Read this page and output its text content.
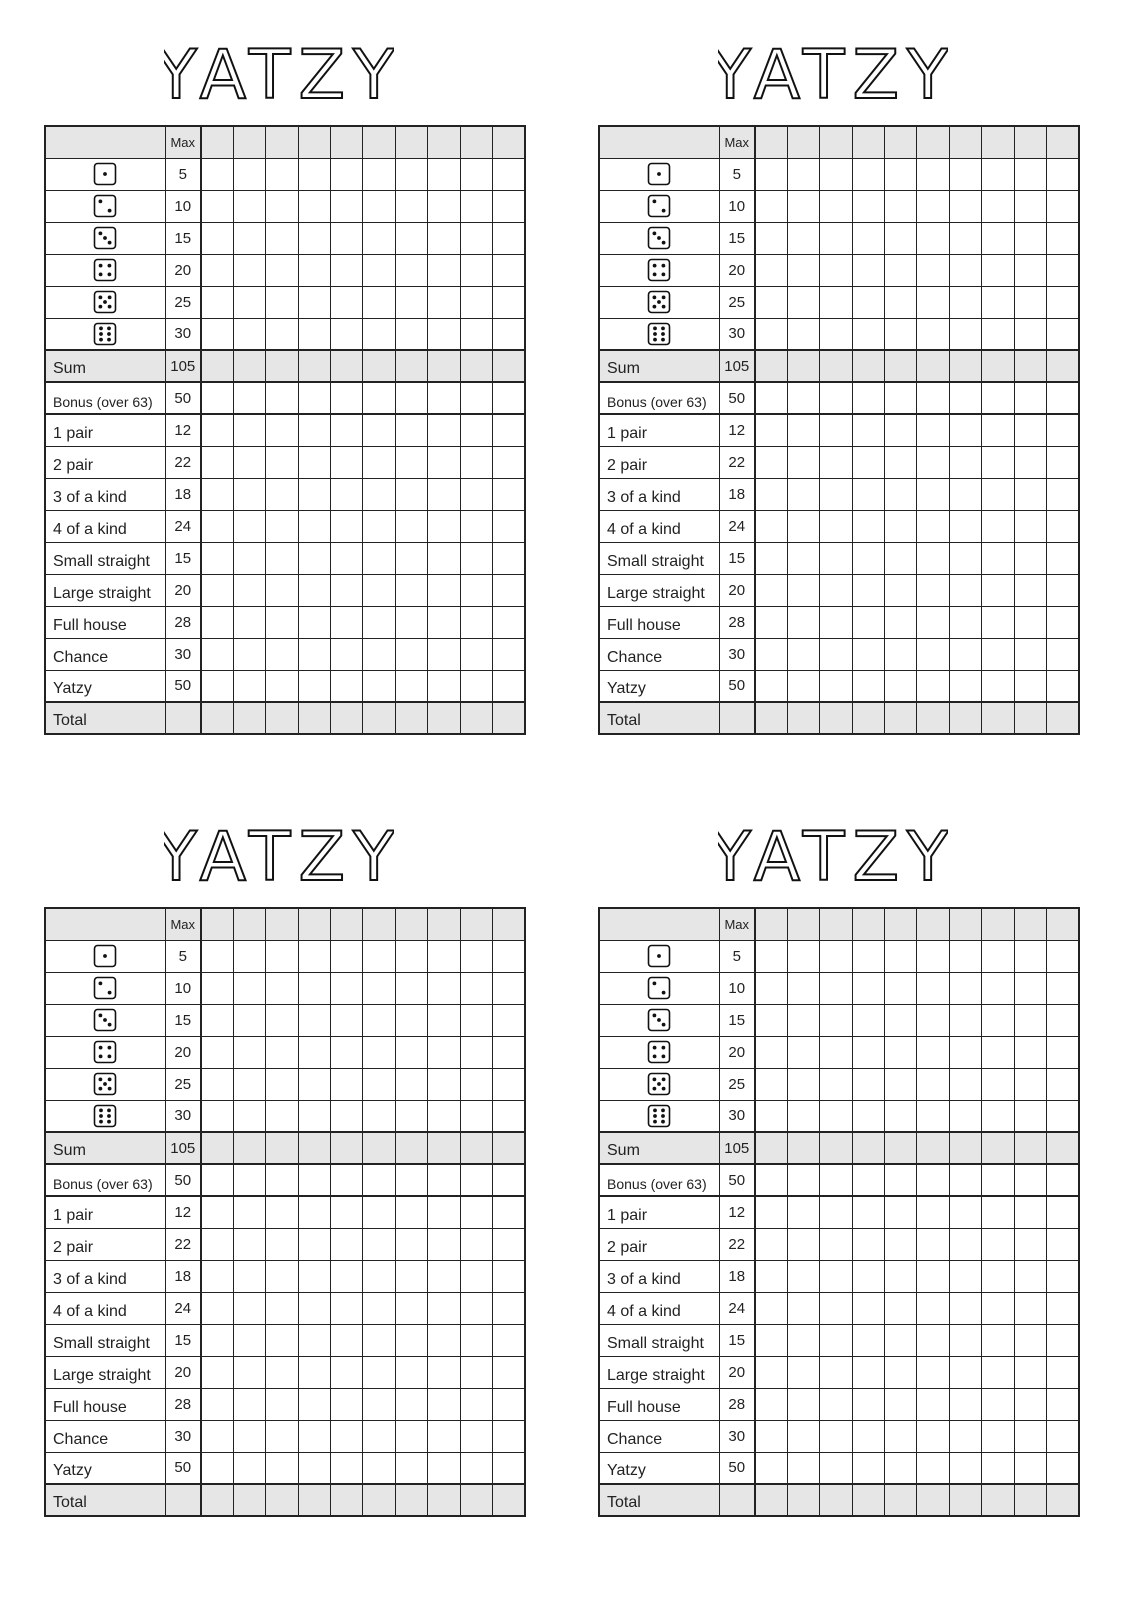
YATZY
	Max										
	5										
	10										
	15										
	20										
	25										
	30										
Sum	105										
Bonus (over 63)	50										
1 pair	12										
2 pair	22										
3 of a kind	18										
4 of a kind	24										
Small straight	15										
Large straight	20										
Full house	28										
Chance	30										
Yatzy	50										
Total											
YATZY
	Max										
	5										
	10										
	15										
	20										
	25										
	30										
Sum	105										
Bonus (over 63)	50										
1 pair	12										
2 pair	22										
3 of a kind	18										
4 of a kind	24										
Small straight	15										
Large straight	20										
Full house	28										
Chance	30										
Yatzy	50										
Total											
YATZY
	Max										
	5										
	10										
	15										
	20										
	25										
	30										
Sum	105										
Bonus (over 63)	50										
1 pair	12										
2 pair	22										
3 of a kind	18										
4 of a kind	24										
Small straight	15										
Large straight	20										
Full house	28										
Chance	30										
Yatzy	50										
Total											
YATZY
	Max										
	5										
	10										
	15										
	20										
	25										
	30										
Sum	105										
Bonus (over 63)	50										
1 pair	12										
2 pair	22										
3 of a kind	18										
4 of a kind	24										
Small straight	15										
Large straight	20										
Full house	28										
Chance	30										
Yatzy	50										
Total											
